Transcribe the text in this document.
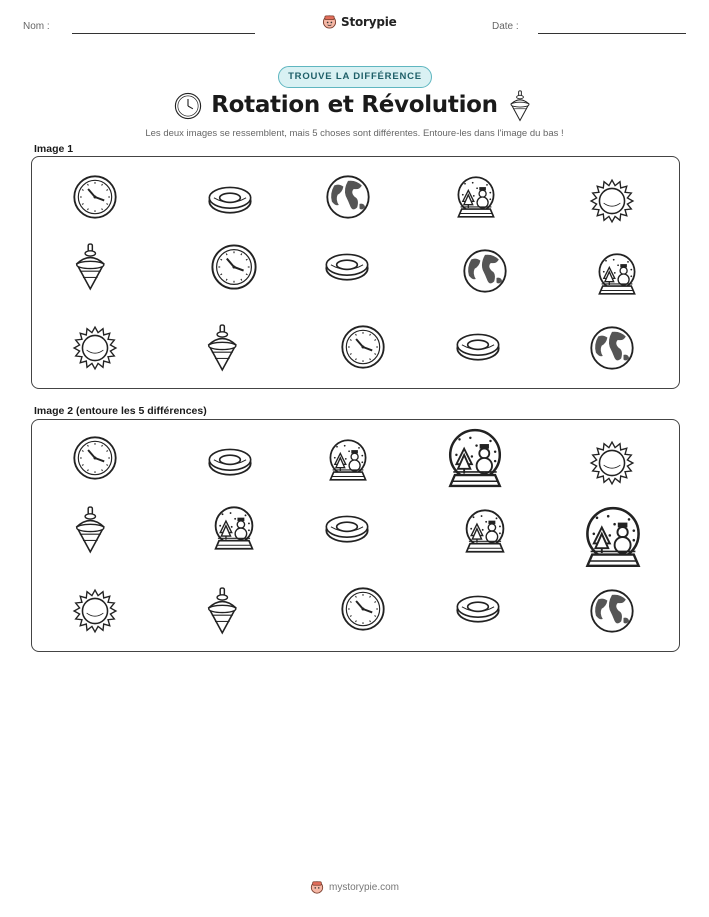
Nom :	Storypie	Date :
TROUVE LA DIFFÉRENCE
Rotation et Révolution
Les deux images se ressemblent, mais 5 choses sont différentes. Entoure-les dans l'image du bas !
Image 1
Image 2 (entoure les 5 différences)
mystorypie.com
